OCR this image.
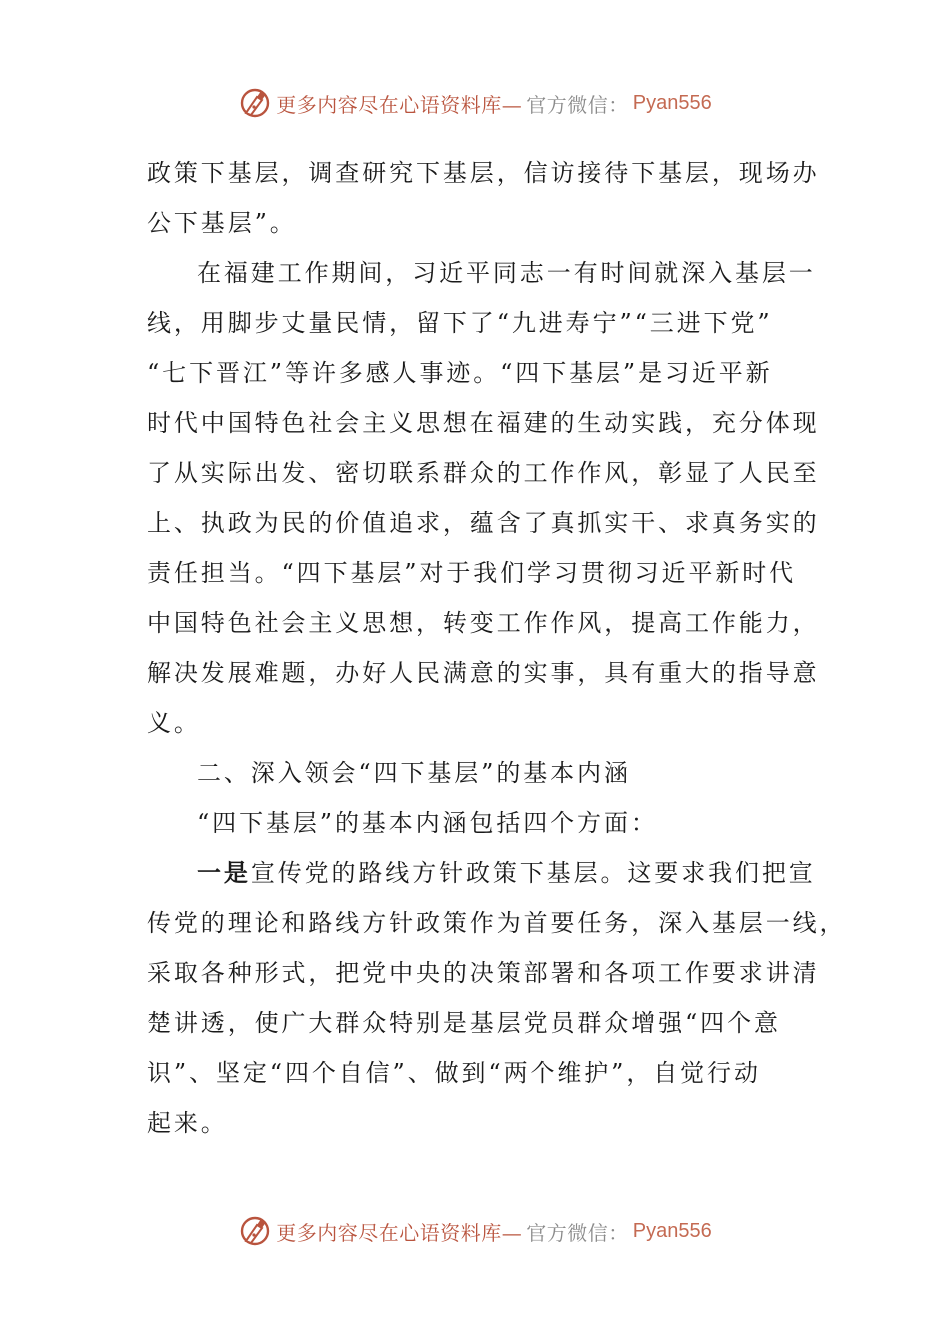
更多内容尽在心语资料库— 官方微信： Pyan556
政策下基层，调查研究下基层，信访接待下基层，现场办
公下基层”。
在福建工作期间，习近平同志一有时间就深入基层一
线，用脚步丈量民情，留下了“九进寿宁”“三进下党”
“七下晋江”等许多感人事迹。“四下基层”是习近平新
时代中国特色社会主义思想在福建的生动实践，充分体现
了从实际出发、密切联系群众的工作作风，彰显了人民至
上、执政为民的价值追求，蕴含了真抓实干、求真务实的
责任担当。“四下基层”对于我们学习贯彻习近平新时代
中国特色社会主义思想，转变工作作风，提高工作能力，
解决发展难题，办好人民满意的实事，具有重大的指导意
义。
二、深入领会“四下基层”的基本内涵
“四下基层”的基本内涵包括四个方面：
一是宣传党的路线方针政策下基层。这要求我们把宣
传党的理论和路线方针政策作为首要任务，深入基层一线，
采取各种形式，把党中央的决策部署和各项工作要求讲清
楚讲透，使广大群众特别是基层党员群众增强“四个意
识”、坚定“四个自信”、做到“两个维护”，自觉行动
起来。
更多内容尽在心语资料库— 官方微信： Pyan556
